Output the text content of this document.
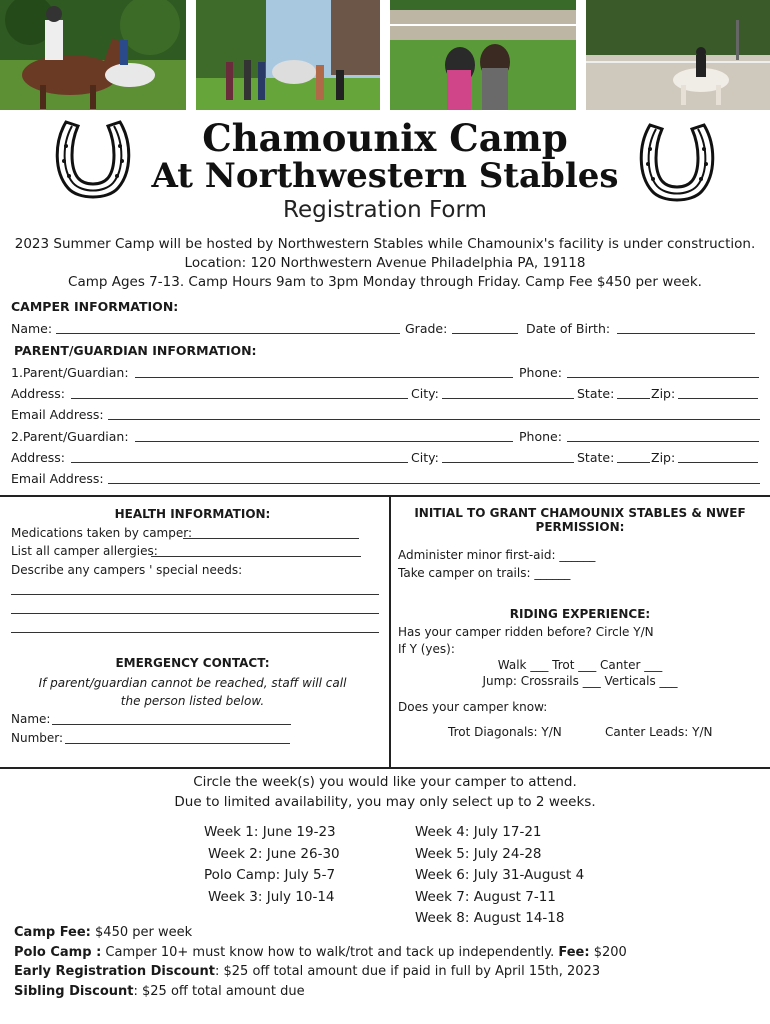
Chamounix Camp
At Northwestern Stables
Registration Form
2023 Summer Camp will be hosted by Northwestern Stables while Chamounix's facility is under construction.
Location: 120 Northwestern Avenue Philadelphia PA, 19118
Camp Ages 7-13. Camp Hours 9am to 3pm Monday through Friday. Camp Fee $450 per week.
CAMPER INFORMATION:
Name:	Grade:	Date of Birth:
PARENT/GUARDIAN INFORMATION:
1.Parent/Guardian:	Phone:
Address:	City:	State:	Zip:
Email Address:
2.Parent/Guardian:	Phone:
Address:	City:	State:	Zip:
Email Address:
HEALTH INFORMATION:
Medications taken by camper:
List all camper allergies:
Describe any campers ' special needs:
EMERGENCY CONTACT:
If parent/guardian cannot be reached, staff will call
the person listed below.
Name:
Number:
INITIAL TO GRANT CHAMOUNIX STABLES & NWEF
PERMISSION:
Administer minor first-aid: ______
Take camper on trails: ______
RIDING EXPERIENCE:
Has your camper ridden before? Circle Y/N
If Y (yes):
Walk ___ Trot ___ Canter ___
Jump: Crossrails ___ Verticals ___
Does your camper know:
Trot Diagonals: Y/N	Canter Leads: Y/N
Circle the week(s) you would like your camper to attend.
Due to limited availability, you may only select up to 2 weeks.
Week 1: June 19-23
Week 2: June 26-30
Polo Camp: July 5-7
Week 3: July 10-14
Week 4: July 17-21
Week 5: July 24-28
Week 6: July 31-August 4
Week 7: August 7-11
Week 8: August 14-18
Camp Fee: $450 per week
Polo Camp : Camper 10+ must know how to walk/trot and tack up independently. Fee: $200
Early Registration Discount: $25 off total amount due if paid in full by April 15th, 2023
Sibling Discount: $25 off total amount due
